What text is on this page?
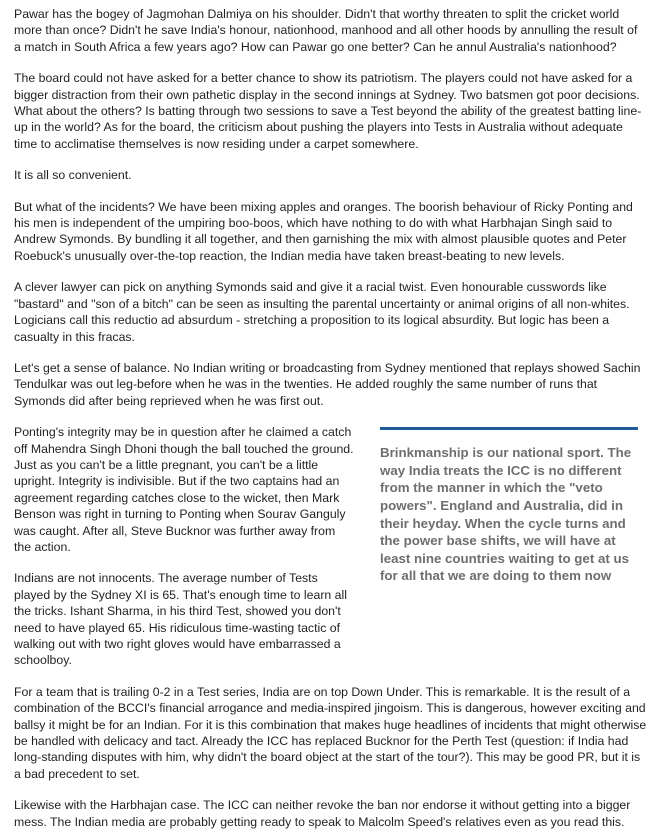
Pawar has the bogey of Jagmohan Dalmiya on his shoulder. Didn't that worthy threaten to split the cricket world more than once? Didn't he save India's honour, nationhood, manhood and all other hoods by annulling the result of a match in South Africa a few years ago? How can Pawar go one better? Can he annul Australia's nationhood?

The board could not have asked for a better chance to show its patriotism. The players could not have asked for a bigger distraction from their own pathetic display in the second innings at Sydney. Two batsmen got poor decisions. What about the others? Is batting through two sessions to save a Test beyond the ability of the greatest batting line-up in the world? As for the board, the criticism about pushing the players into Tests in Australia without adequate time to acclimatise themselves is now residing under a carpet somewhere.

It is all so convenient.

But what of the incidents? We have been mixing apples and oranges. The boorish behaviour of Ricky Ponting and his men is independent of the umpiring boo-boos, which have nothing to do with what Harbhajan Singh said to Andrew Symonds. By bundling it all together, and then garnishing the mix with almost plausible quotes and Peter Roebuck's unusually over-the-top reaction, the Indian media have taken breast-beating to new levels.

A clever lawyer can pick on anything Symonds said and give it a racial twist. Even honourable cusswords like "bastard" and "son of a bitch" can be seen as insulting the parental uncertainty or animal origins of all non-whites. Logicians call this reductio ad absurdum - stretching a proposition to its logical absurdity. But logic has been a casualty in this fracas.

Let's get a sense of balance. No Indian writing or broadcasting from Sydney mentioned that replays showed Sachin Tendulkar was out leg-before when he was in the twenties. He added roughly the same number of runs that Symonds did after being reprieved when he was first out.

Brinkmanship is our national sport. The way India treats the ICC is no different from the manner in which the "veto powers". England and Australia, did in their heyday. When the cycle turns and the power base shifts, we will have at least nine countries waiting to get at us for all that we are doing to them now

Ponting's integrity may be in question after he claimed a catch off Mahendra Singh Dhoni though the ball touched the ground. Just as you can't be a little pregnant, you can't be a little upright. Integrity is indivisible. But if the two captains had an agreement regarding catches close to the wicket, then Mark Benson was right in turning to Ponting when Sourav Ganguly was caught. After all, Steve Bucknor was further away from the action.

Indians are not innocents. The average number of Tests played by the Sydney XI is 65. That's enough time to learn all the tricks. Ishant Sharma, in his third Test, showed you don't need to have played 65. His ridiculous time-wasting tactic of walking out with two right gloves would have embarrassed a schoolboy.

For a team that is trailing 0-2 in a Test series, India are on top Down Under. This is remarkable. It is the result of a combination of the BCCI's financial arrogance and media-inspired jingoism. This is dangerous, however exciting and ballsy it might be for an Indian. For it is this combination that makes huge headlines of incidents that might otherwise be handled with delicacy and tact. Already the ICC has replaced Bucknor for the Perth Test (question: if India had long-standing disputes with him, why didn't the board object at the start of the tour?). This may be good PR, but it is a bad precedent to set.

Likewise with the Harbhajan case. The ICC can neither revoke the ban nor endorse it without getting into a bigger mess. The Indian media are probably getting ready to speak to Malcolm Speed's relatives even as you read this.
